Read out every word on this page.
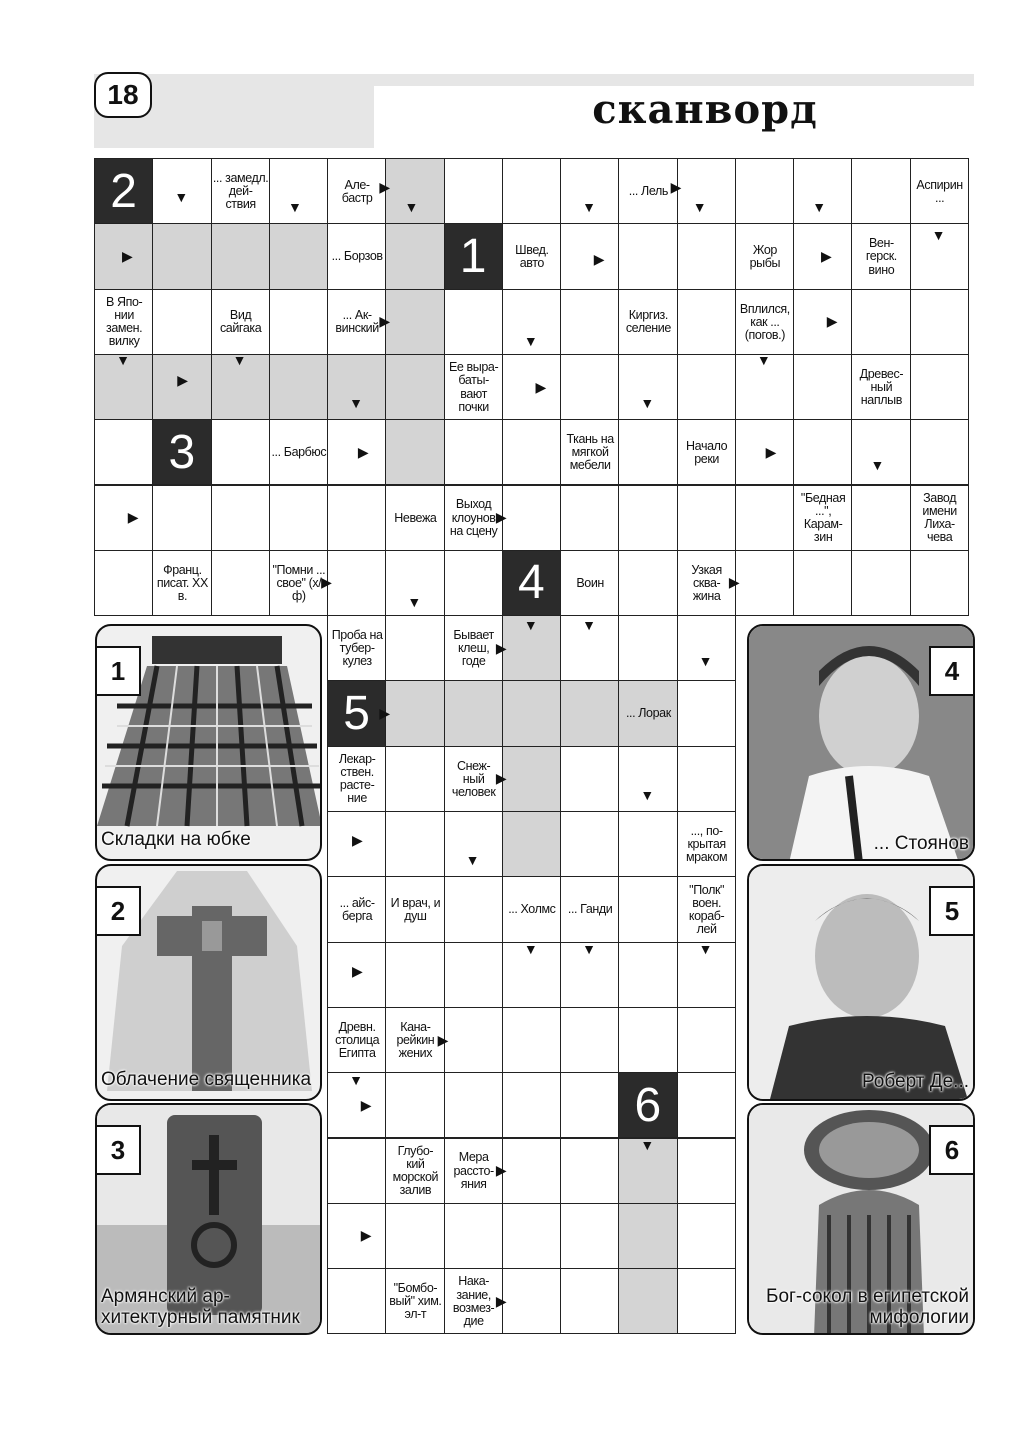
18	сканворд
2	... замедл. дей- ствия
Але- бастр	... Лель	Аспирин ...
... Борзов	1	Швед. авто
Жор рыбы
Вен- герск. вино
В Япо- нии замен. вилку
Вид сайгака
... Ак- винский
Киргиз. селение
Вплился, как ... (погов.)
Ее выра- баты- вают почки
Древес- ный наплыв
3	... Барбюс
Ткань на мягкой мебели
Начало реки
Невежа
Выход клоунов на сцену
"Бедная ...", Карам- зин
Завод имени Лиха- чева
Франц. писат. XX в.
"Помни ... свое" (х/ф)	4	Воин
Узкая сква- жина
Проба на тубер- кулез
Бывает клеш, годе
5	... Лорак
Лекар- ствен. расте- ние
Снеж- ный человек
..., по- крытая мраком
... айс- берга
И врач, и душ	... Холмс ... Ганди
"Полк" воен. кораб- лей
Древн. столица Египта
Кана- рейкин жених
6
Глубо- кий морской залив
Мера рассто- яния
"Бомбо- вый" хим. эл-т
Нака- зание, возмез- дие
▼
▼
▶
▼	▼
▶
▼	▼
▼
▶	▶	▶
▼	▼
▶
▼
▼
▶
▶
▼
▶
▼
▶	▶
▼
▶	▶
▶
▼
▶
▶
▼	▼
▼
▶
▶
▼
▶
▼
▼	▼	▼
▶
▶
▼
▶
▼
▶
▶
▶
1
Складки на юбке
2
Облачение священника
3
Армянский ар- хитектурный памятник
4
... Стоянов
5
Роберт Де...
6
Бог-сокол в египетской мифологии
